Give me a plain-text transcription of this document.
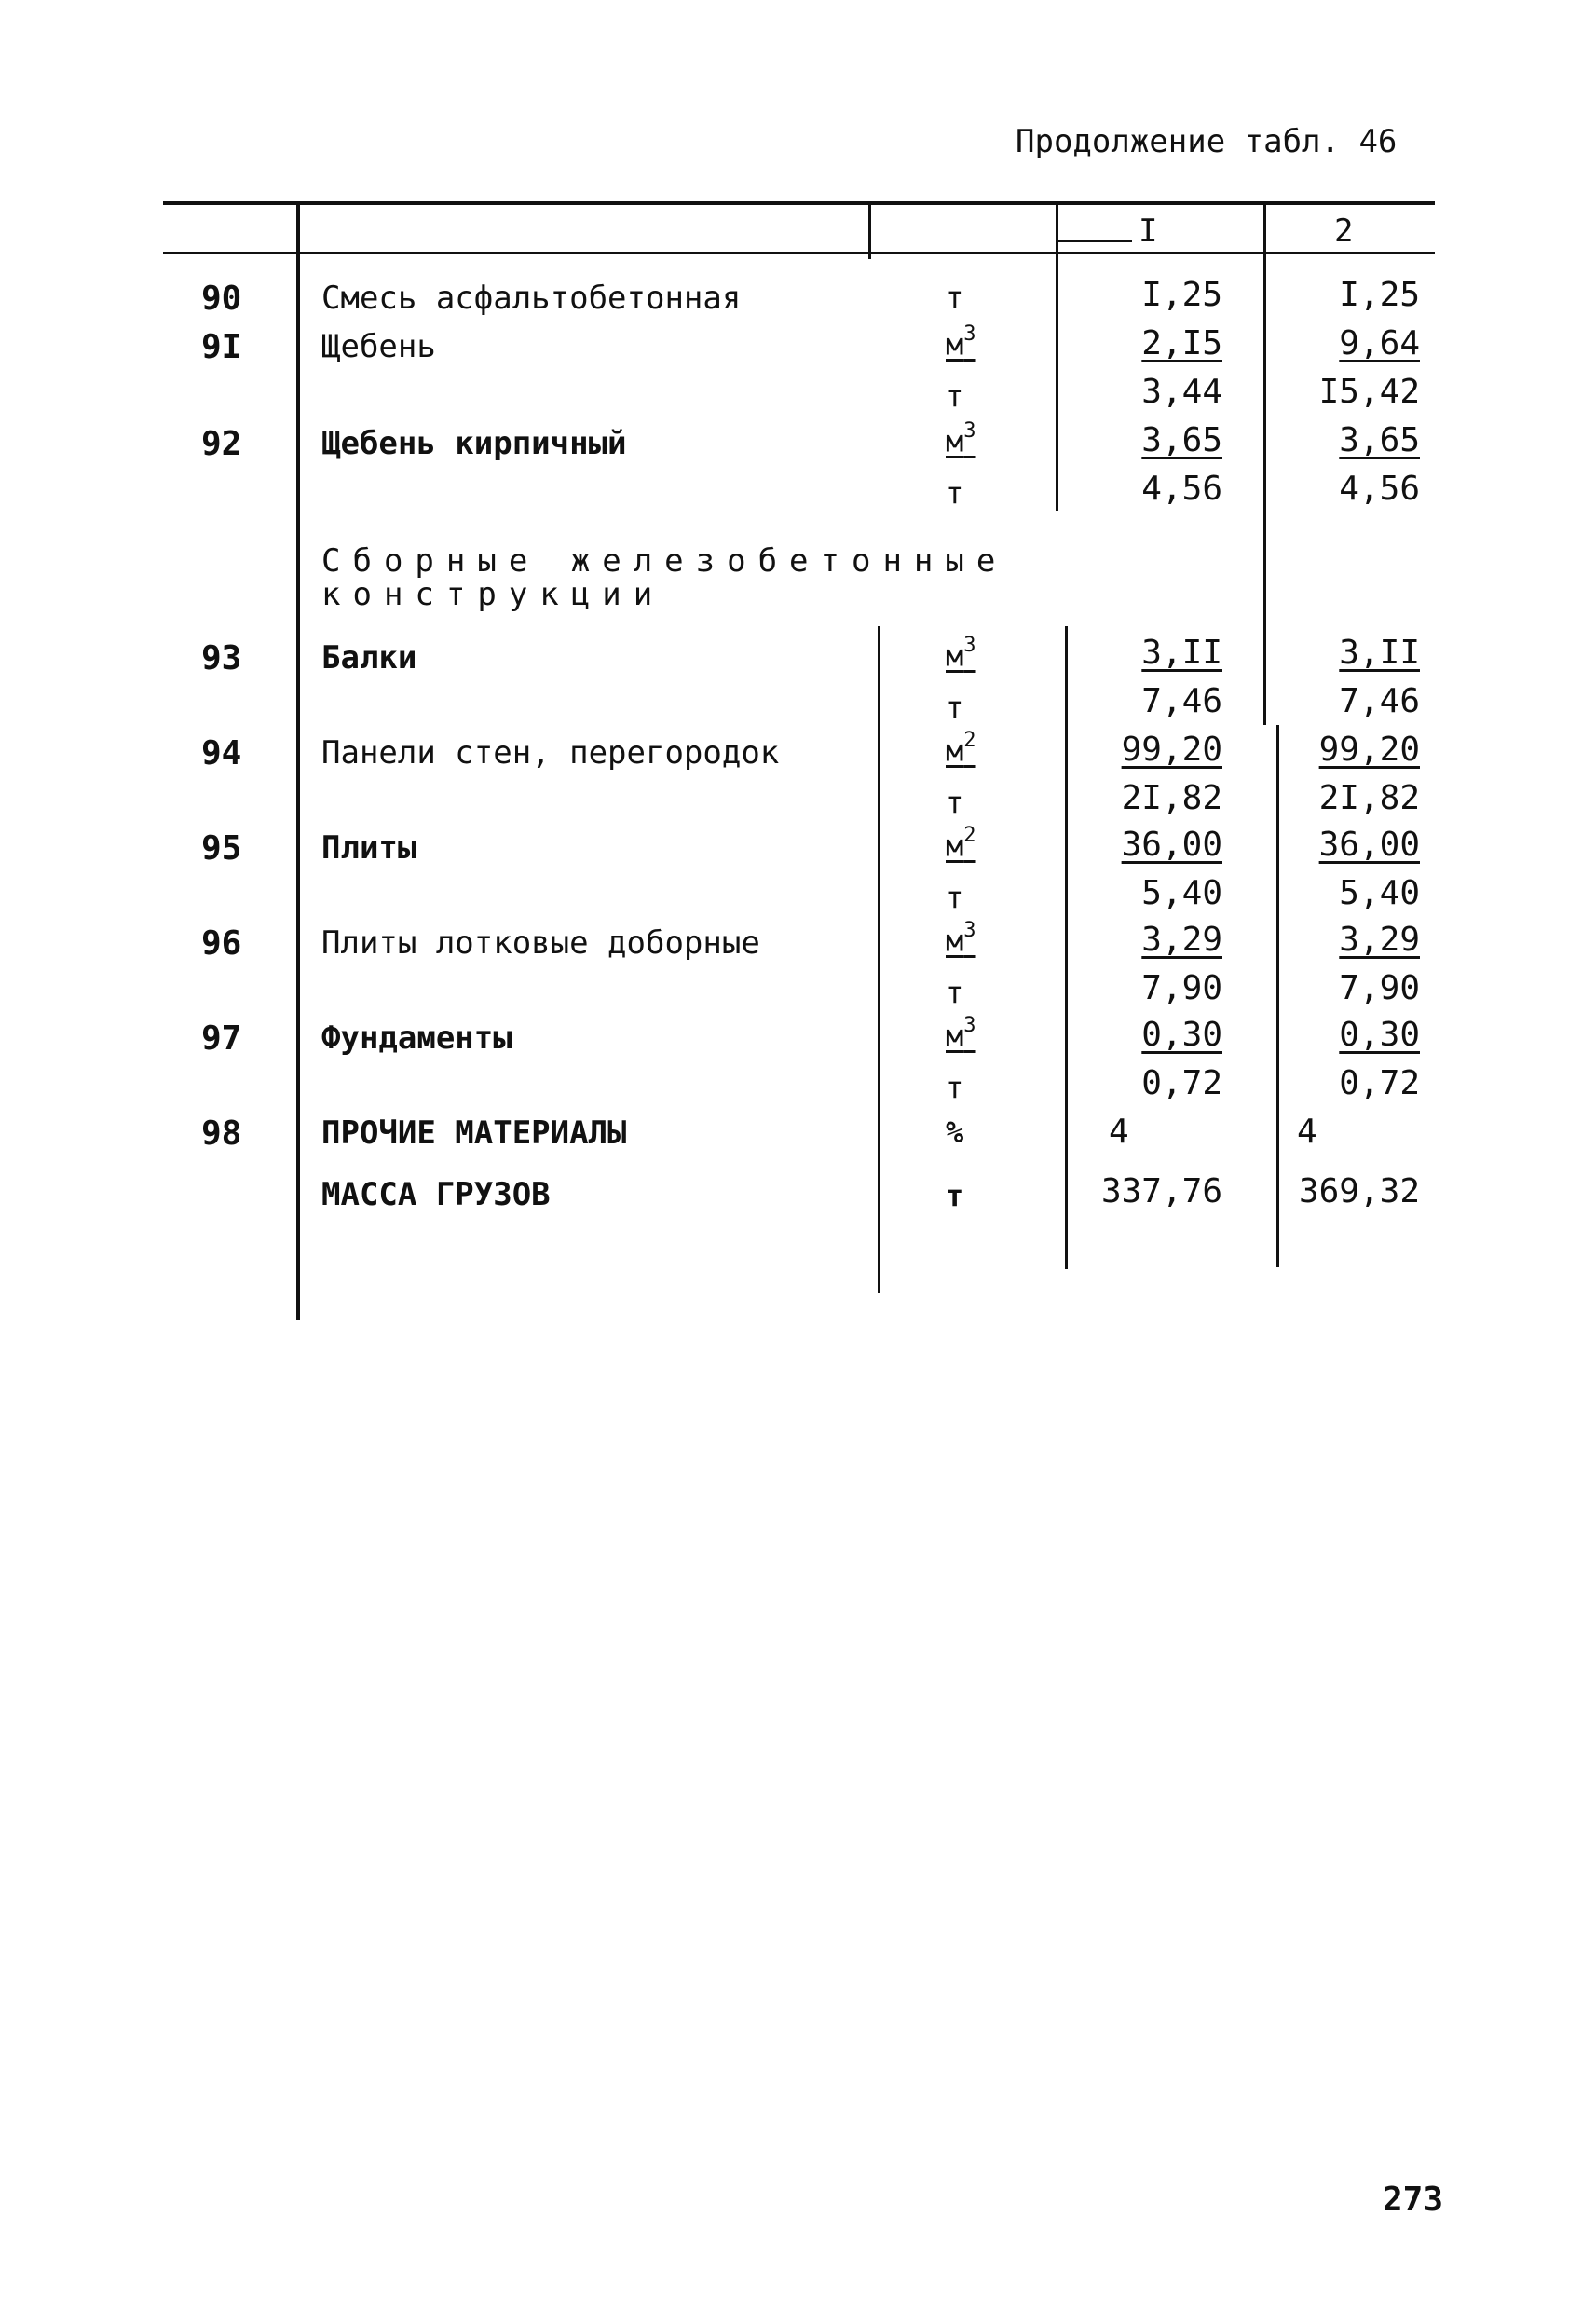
Продолжение табл. 46
I	2
90	Смесь асфальтобетонная	т	I,25	I,25
9I	Щебень	$м^3$	2,I5	9,64
т	3,44	I5,42
92	Щебень кирпичный	$м^3$	3,65	3,65
т	4,56	4,56
Сборные железобетонные
конструкции
93	Балки	$м^3$	3,II	3,II
т	7,46	7,46
94	Панели стен, перегородок	$м^2$	99,20	99,20
т	2I,82	2I,82
95	Плиты	$м^2$	36,00	36,00
т	5,40	5,40
96	Плиты лотковые доборные	$м^3$	3,29	3,29
т	7,90	7,90
97	Фундаменты	$м^3$	0,30	0,30
т	0,72	0,72
98	ПРОЧИЕ МАТЕРИАЛЫ	%	4	4
МАССА ГРУЗОВ	т	337,76	369,32
273
